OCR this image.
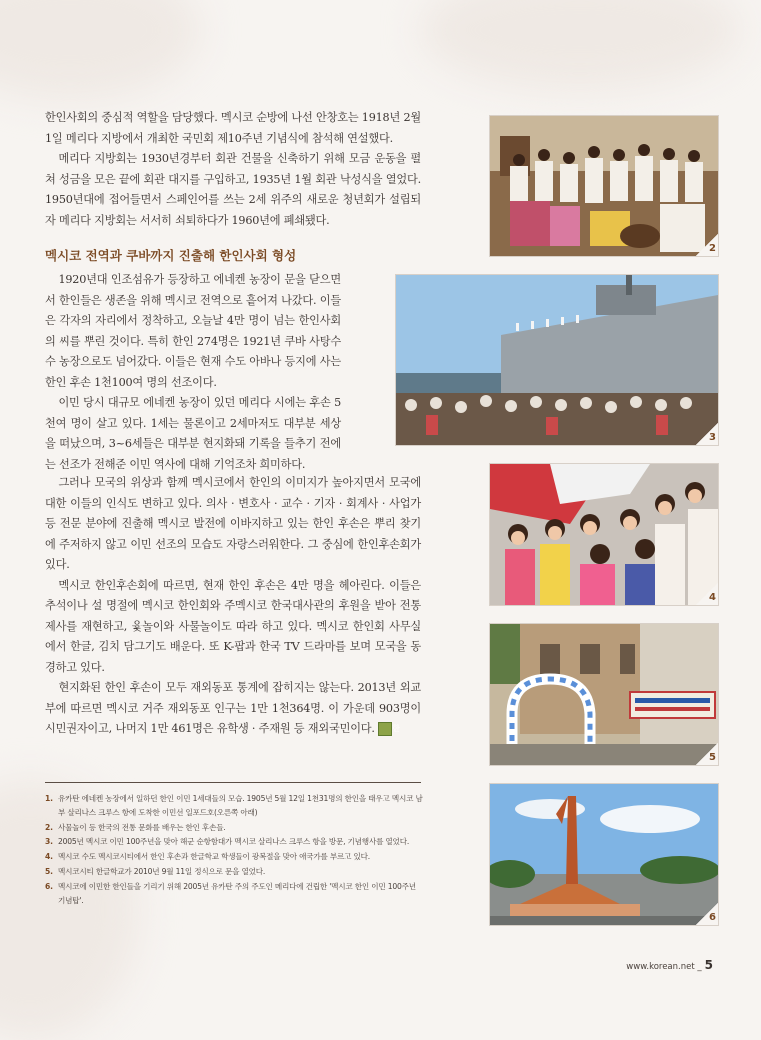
한인사회의 중심적 역할을 담당했다. 멕시코 순방에 나선 안창호는 1918년 2월 1일 메리다 지방에서 개최한 국민회 제10주년 기념식에 참석해 연설했다.

메리다 지방회는 1930년경부터 회관 건물을 신축하기 위해 모금 운동을 펼쳐 성금을 모은 끝에 회관 대지를 구입하고, 1935년 1월 회관 낙성식을 열었다. 1950년대에 접어들면서 스페인어를 쓰는 2세 위주의 새로운 청년회가 설립되자 메리다 지방회는 서서히 쇠퇴하다가 1960년에 폐쇄됐다.

멕시코 전역과 쿠바까지 진출해 한인사회 형성

1920년대 인조섬유가 등장하고 에네켄 농장이 문을 닫으면서 한인들은 생존을 위해 멕시코 전역으로 흩어져 나갔다. 이들은 각자의 자리에서 정착하고, 오늘날 4만 명이 넘는 한인사회의 씨를 뿌린 것이다. 특히 한인 274명은 1921년 쿠바 사탕수수 농장으로도 넘어갔다. 이들은 현재 수도 아바나 등지에 사는 한인 후손 1천100여 명의 선조이다.

이민 당시 대규모 에네켄 농장이 있던 메리다 시에는 후손 5천여 명이 살고 있다. 1세는 물론이고 2세마저도 대부분 세상을 떠났으며, 3~6세들은 대부분 현지화돼 기록을 들추기 전에는 선조가 전해준 이민 역사에 대해 기억조차 희미하다.

그러나 모국의 위상과 함께 멕시코에서 한인의 이미지가 높아지면서 모국에 대한 이들의 인식도 변하고 있다. 의사 · 변호사 · 교수 · 기자 · 회계사 · 사업가 등 전문 분야에 진출해 멕시코 발전에 이바지하고 있는 한인 후손은 뿌리 찾기에 주저하지 않고 이민 선조의 모습도 자랑스러워한다. 그 중심에 한인후손회가 있다.

멕시코 한인후손회에 따르면, 현재 한인 후손은 4만 명을 헤아린다. 이들은 추석이나 설 명절에 멕시코 한인회와 주멕시코 한국대사관의 후원을 받아 전통 제사를 재현하고, 윷놀이와 사물놀이도 따라 하고 있다. 멕시코 한인회 사무실에서 한글, 김치 담그기도 배운다. 또 K-팝과 한국 TV 드라마를 보며 모국을 동경하고 있다.

현지화된 한인 후손이 모두 재외동포 통계에 잡히지는 않는다. 2013년 외교부에 따르면 멕시코 거주 재외동포 인구는 1만 1천364명. 이 가운데 903명이 시민권자이고, 나머지 1만 461명은 유학생 · 주재원 등 재외국민이다. 한

2
3
4
5
6
1. 유카탄 에네켄 농장에서 일하던 한인 이민 1세대들의 모습. 1905년 5월 12일 1천31명의 한인을 태우고 멕시코 남부 살리나스 크루스 항에 도착한 이민선 일포드호(오른쪽 아래)
2. 사물놀이 등 한국의 전통 문화를 배우는 한인 후손들.
3. 2005년 멕시코 이민 100주년을 맞아 해군 순항함대가 멕시코 살리나스 크루스 항을 방문, 기념행사를 열었다.
4. 멕시코 수도 멕시코시티에서 한인 후손과 한글학교 학생들이 광복절을 맞아 애국가를 부르고 있다.
5. 멕시코시티 한글학교가 2010년 9월 11일 정식으로 문을 열었다.
6. 멕시코에 이민한 한인들을 기리기 위해 2005년 유카탄 주의 주도인 메리다에 건립한 '멕시코 한인 이민 100주년 기념탑'.
www.korean.net _ 5
